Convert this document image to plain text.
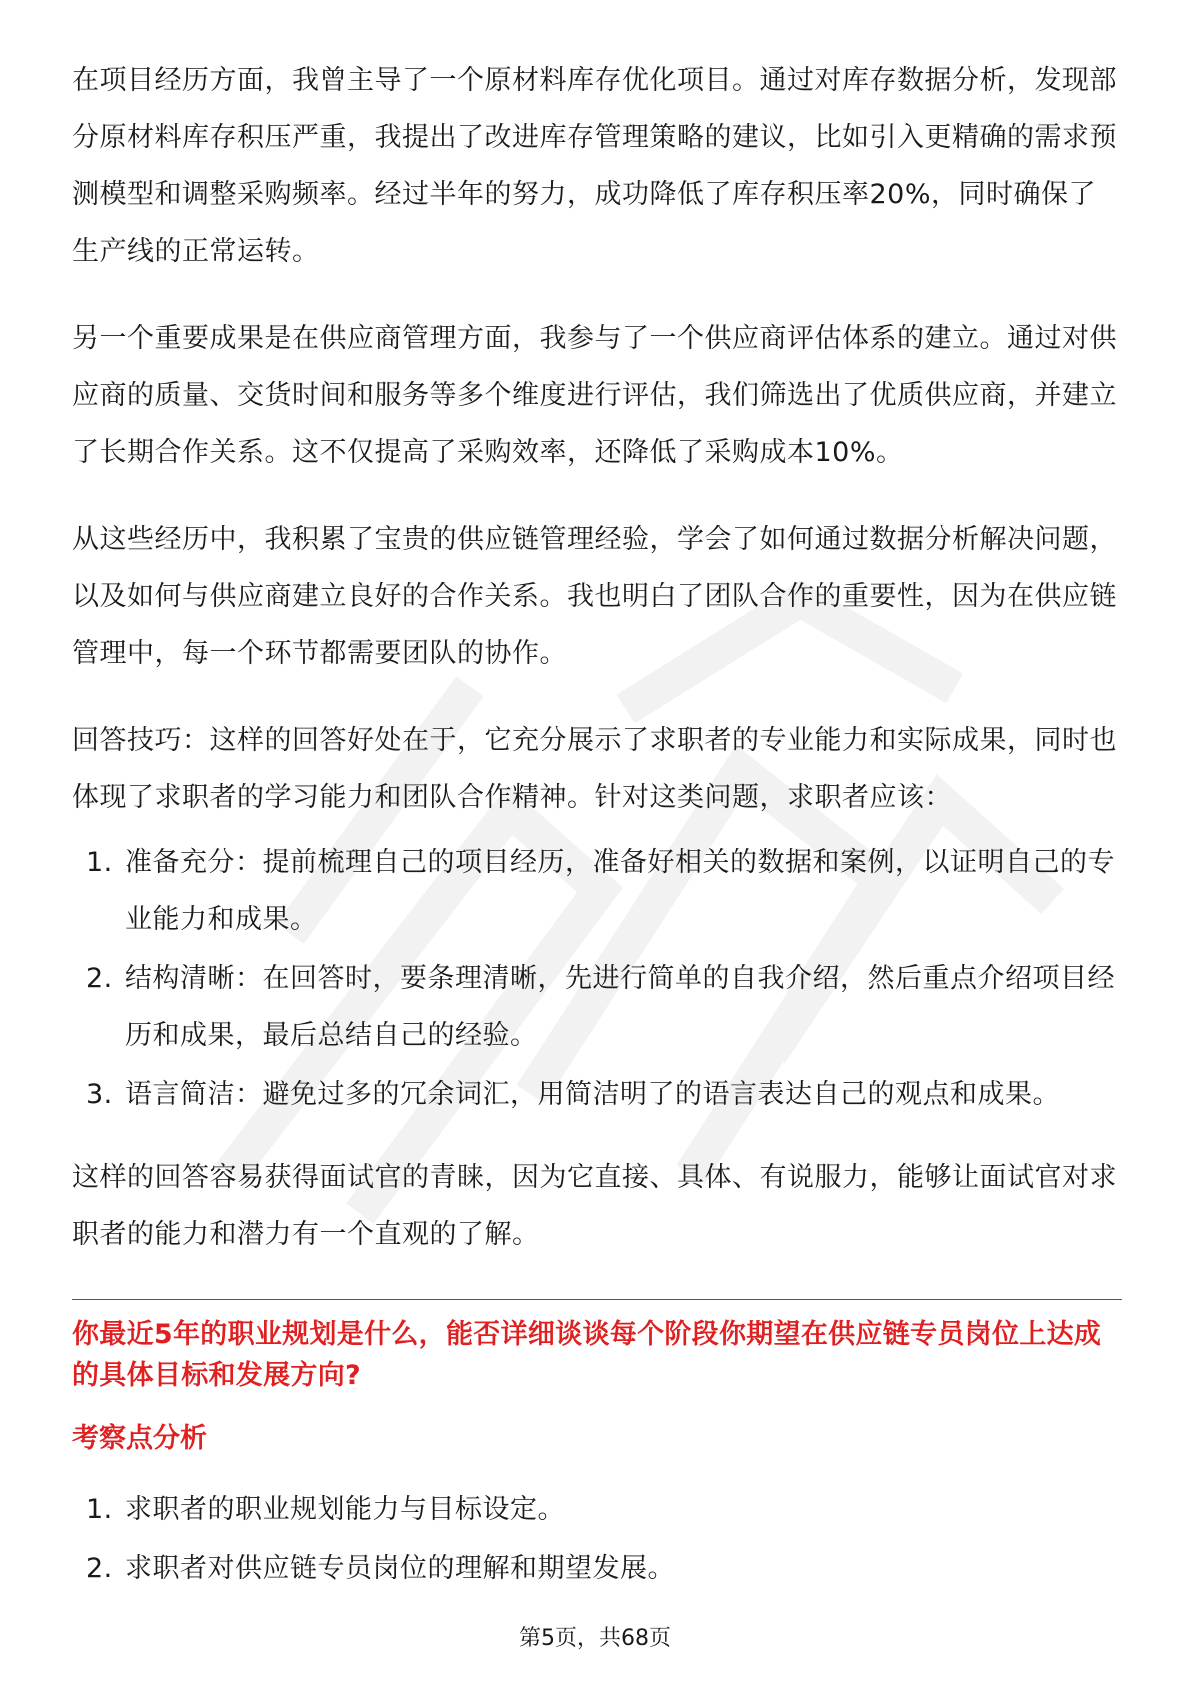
在项目经历方面，我曾主导了一个原材料库存优化项目。通过对库存数据分析，发现部分原材料库存积压严重，我提出了改进库存管理策略的建议，比如引入更精确的需求预测模型和调整采购频率。经过半年的努力，成功降低了库存积压率20%，同时确保了生产线的正常运转。

另一个重要成果是在供应商管理方面，我参与了一个供应商评估体系的建立。通过对供应商的质量、交货时间和服务等多个维度进行评估，我们筛选出了优质供应商，并建立了长期合作关系。这不仅提高了采购效率，还降低了采购成本10%。

从这些经历中，我积累了宝贵的供应链管理经验，学会了如何通过数据分析解决问题，以及如何与供应商建立良好的合作关系。我也明白了团队合作的重要性，因为在供应链管理中，每一个环节都需要团队的协作。

回答技巧：这样的回答好处在于，它充分展示了求职者的专业能力和实际成果，同时也体现了求职者的学习能力和团队合作精神。针对这类问题，求职者应该：

1. 准备充分：提前梳理自己的项目经历，准备好相关的数据和案例，以证明自己的专业能力和成果。
2. 结构清晰：在回答时，要条理清晰，先进行简单的自我介绍，然后重点介绍项目经历和成果，最后总结自己的经验。
3. 语言简洁：避免过多的冗余词汇，用简洁明了的语言表达自己的观点和成果。

这样的回答容易获得面试官的青睐，因为它直接、具体、有说服力，能够让面试官对求职者的能力和潜力有一个直观的了解。

你最近5年的职业规划是什么，能否详细谈谈每个阶段你期望在供应链专员岗位上达成的具体目标和发展方向?

考察点分析

1. 求职者的职业规划能力与目标设定。
2. 求职者对供应链专员岗位的理解和期望发展。
第5页，共68页
